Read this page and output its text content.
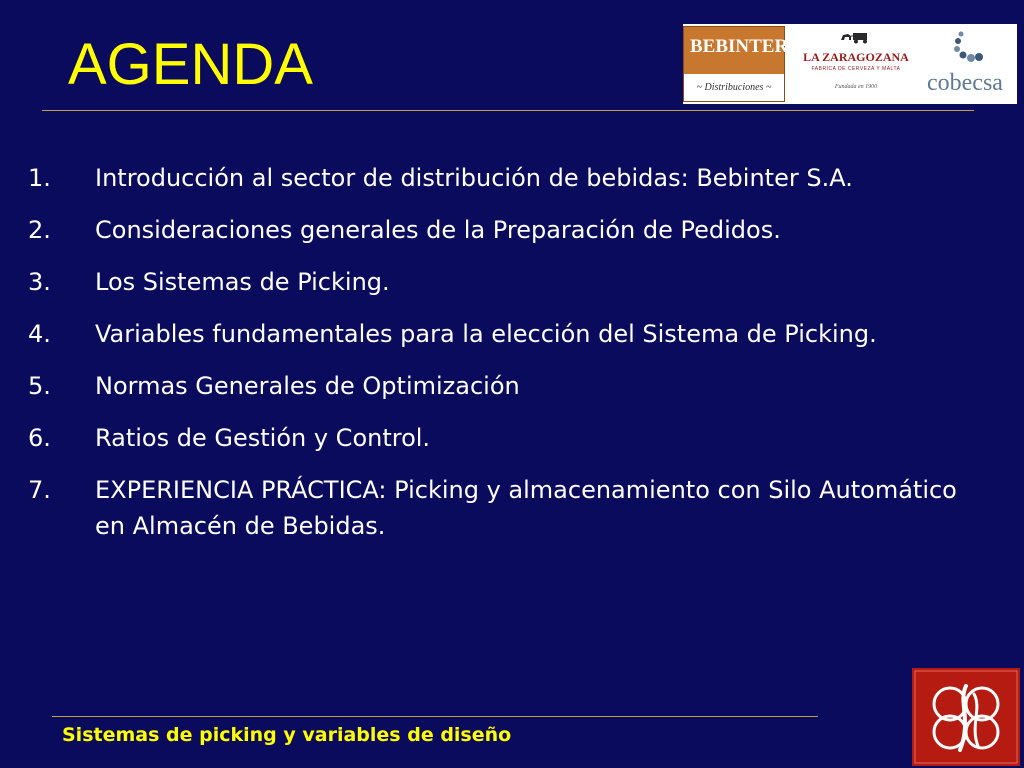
AGENDA	BEBINTER
~ Distribuciones ~
LA ZARAGOZANA
FABRICA DE CERVEZA Y MALTA
Fundada en 1900 cobecsa
1.	Introducción al sector de distribución de bebidas: Bebinter S.A.
2.	Consideraciones generales de la Preparación de Pedidos.
3.	Los Sistemas de Picking.
4.	Variables fundamentales para la elección del Sistema de Picking.
5.	Normas Generales de Optimización
6.	Ratios de Gestión y Control.
7.	EXPERIENCIA PRÁCTICA: Picking y almacenamiento con Silo Automático en Almacén de Bebidas.
Sistemas de picking y variables de diseño
